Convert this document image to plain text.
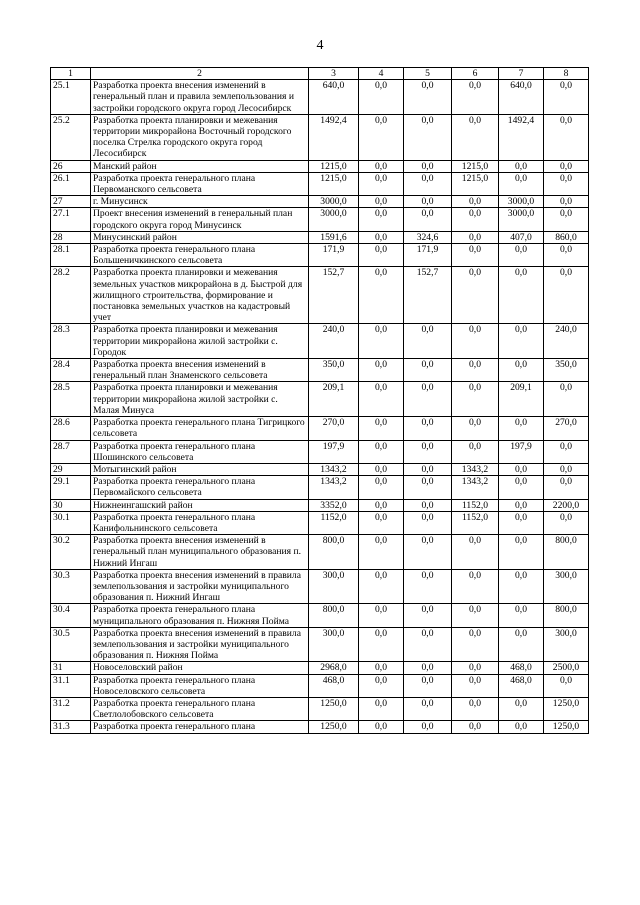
4
1	2	3	4	5	6	7	8
25.1	Разработка проекта внесения изменений в генеральный план и правила землепользования и застройки городского округа город Лесосибирск	640,0	0,0	0,0	0,0	640,0	0,0
25.2	Разработка проекта планировки и межевания территории микрорайона Восточный городского поселка Стрелка городского округа город Лесосибирск	1492,4	0,0	0,0	0,0	1492,4	0,0
26	Манский район	1215,0	0,0	0,0	1215,0	0,0	0,0
26.1	Разработка проекта генерального плана Первоманского сельсовета	1215,0	0,0	0,0	1215,0	0,0	0,0
27	г. Минусинск	3000,0	0,0	0,0	0,0	3000,0	0,0
27.1	Проект внесения изменений в генеральный план городского округа город Минусинск	3000,0	0,0	0,0	0,0	3000,0	0,0
28	Минусинский район	1591,6	0,0	324,6	0,0	407,0	860,0
28.1	Разработка проекта генерального плана Большеничкинского сельсовета	171,9	0,0	171,9	0,0	0,0	0,0
28.2	Разработка проекта планировки и межевания земельных участков микрорайона в д. Быстрой для жилищного строительства, формирование и постановка земельных участков на кадастровый учет	152,7	0,0	152,7	0,0	0,0	0,0
28.3	Разработка проекта планировки и межевания территории микрорайона жилой застройки с. Городок	240,0	0,0	0,0	0,0	0,0	240,0
28.4	Разработка проекта внесения изменений в генеральный план Знаменского сельсовета	350,0	0,0	0,0	0,0	0,0	350,0
28.5	Разработка проекта планировки и межевания территории микрорайона жилой застройки с. Малая Минуса	209,1	0,0	0,0	0,0	209,1	0,0
28.6	Разработка проекта генерального плана Тигрицкого сельсовета	270,0	0,0	0,0	0,0	0,0	270,0
28.7	Разработка проекта генерального плана Шошинского сельсовета	197,9	0,0	0,0	0,0	197,9	0,0
29	Мотыгинский район	1343,2	0,0	0,0	1343,2	0,0	0,0
29.1	Разработка проекта генерального плана Первомайского сельсовета	1343,2	0,0	0,0	1343,2	0,0	0,0
30	Нижнеингашский район	3352,0	0,0	0,0	1152,0	0,0	2200,0
30.1	Разработка проекта генерального плана Канифольнинского сельсовета	1152,0	0,0	0,0	1152,0	0,0	0,0
30.2	Разработка проекта внесения изменений в генеральный план муниципального образования п. Нижний Ингаш	800,0	0,0	0,0	0,0	0,0	800,0
30.3	Разработка проекта внесения изменений в правила землепользования и застройки муниципального образования п. Нижний Ингаш	300,0	0,0	0,0	0,0	0,0	300,0
30.4	Разработка проекта генерального плана муниципального образования п. Нижняя Пойма	800,0	0,0	0,0	0,0	0,0	800,0
30.5	Разработка проекта внесения изменений в правила землепользования и застройки муниципального образования п. Нижняя Пойма	300,0	0,0	0,0	0,0	0,0	300,0
31	Новоселовский район	2968,0	0,0	0,0	0,0	468,0	2500,0
31.1	Разработка проекта генерального плана Новоселовского сельсовета	468,0	0,0	0,0	0,0	468,0	0,0
31.2	Разработка проекта генерального плана Светлолобовского сельсовета	1250,0	0,0	0,0	0,0	0,0	1250,0
31.3	Разработка проекта генерального плана	1250,0	0,0	0,0	0,0	0,0	1250,0
